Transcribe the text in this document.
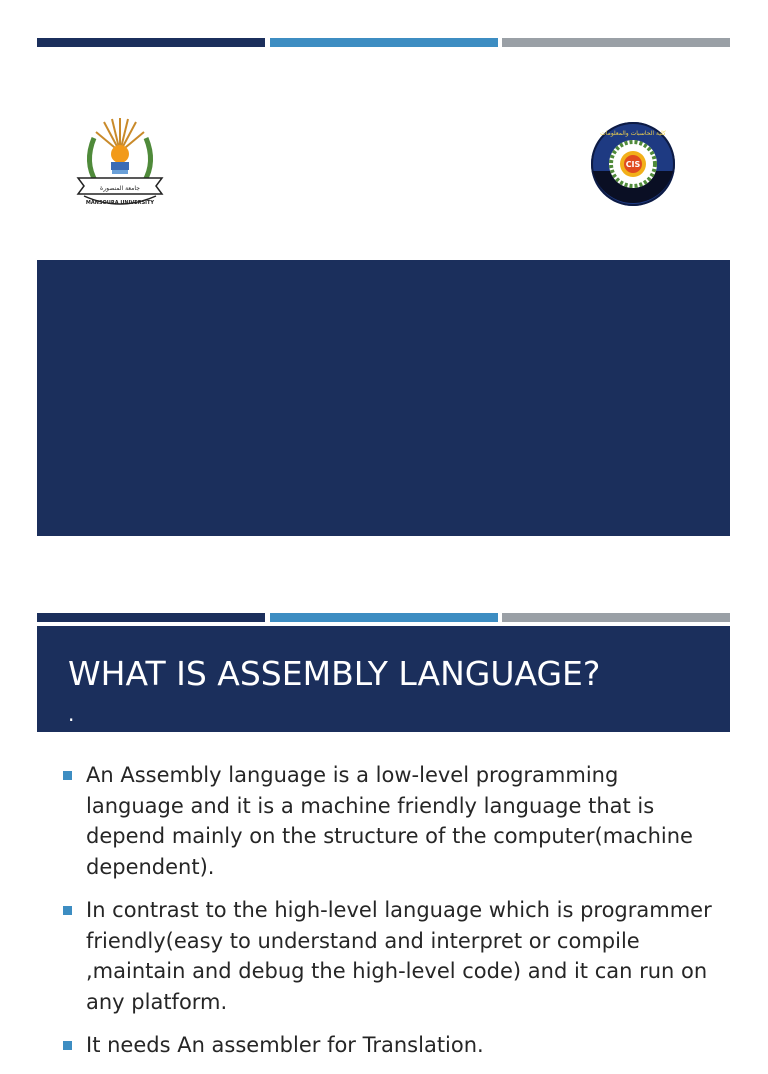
جامعة المنصورة
MANSOURA UNIVERSITY
CIS
كلية الحاسبات والمعلومات
WHAT IS ASSEMBLY LANGUAGE?
·
An Assembly language is a low-level programming language and it is a machine friendly language that is depend mainly on the structure of the computer(machine dependent).
In contrast to the high-level language which is programmer friendly(easy to understand and interpret or compile ,maintain and debug the high-level code) and it can run on any platform.
It needs An assembler for Translation.
